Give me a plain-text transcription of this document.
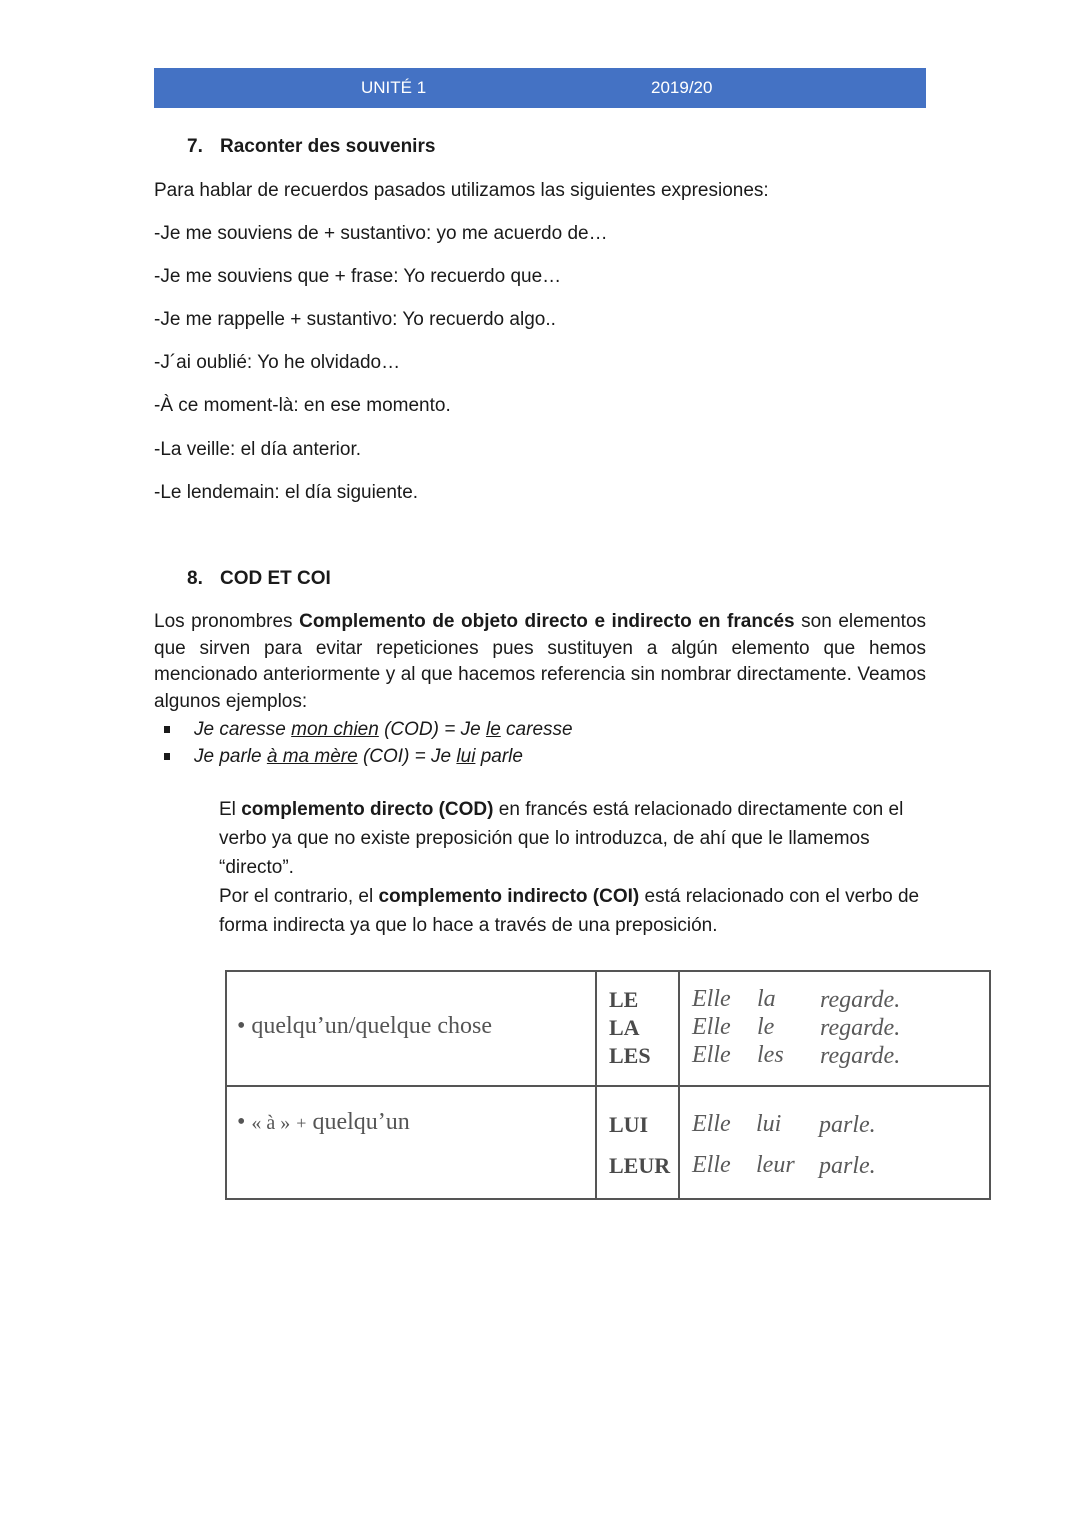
UNITÉ 1	2019/20
7. Raconter des souvenirs
Para hablar de recuerdos pasados utilizamos las siguientes expresiones:
-Je me souviens de + sustantivo: yo me acuerdo de…
-Je me souviens que + frase: Yo recuerdo que…
-Je me rappelle + sustantivo: Yo recuerdo algo..
-J´ai oublié: Yo he olvidado…
-À ce moment-là: en ese momento.
-La veille: el día anterior.
-Le lendemain: el día siguiente.
8. COD ET COI
Los pronombres Complemento de objeto directo e indirecto en francés son elementos que sirven para evitar repeticiones pues sustituyen a algún elemento que hemos mencionado anteriormente y al que hacemos referencia sin nombrar directamente. Veamos algunos ejemplos:
Je caresse mon chien (COD) = Je le caresse
Je parle à ma mère (COI) = Je lui parle

El complemento directo (COD) en francés está relacionado directamente con el verbo ya que no existe preposición que lo introduzca, de ahí que le llamemos “directo”.

Por el contrario, el complemento indirecto (COI) está relacionado con el verbo de forma indirecta ya que lo hace a través de una preposición.

• quelqu’un/quelque chose
LE
LA
LES
Elle
Elle
Elle
la
le
les
regarde.
regarde.
regarde.
• « à » + quelqu’un	LUI
LEUR
Elle
Elle
lui
leur
parle.
parle.
